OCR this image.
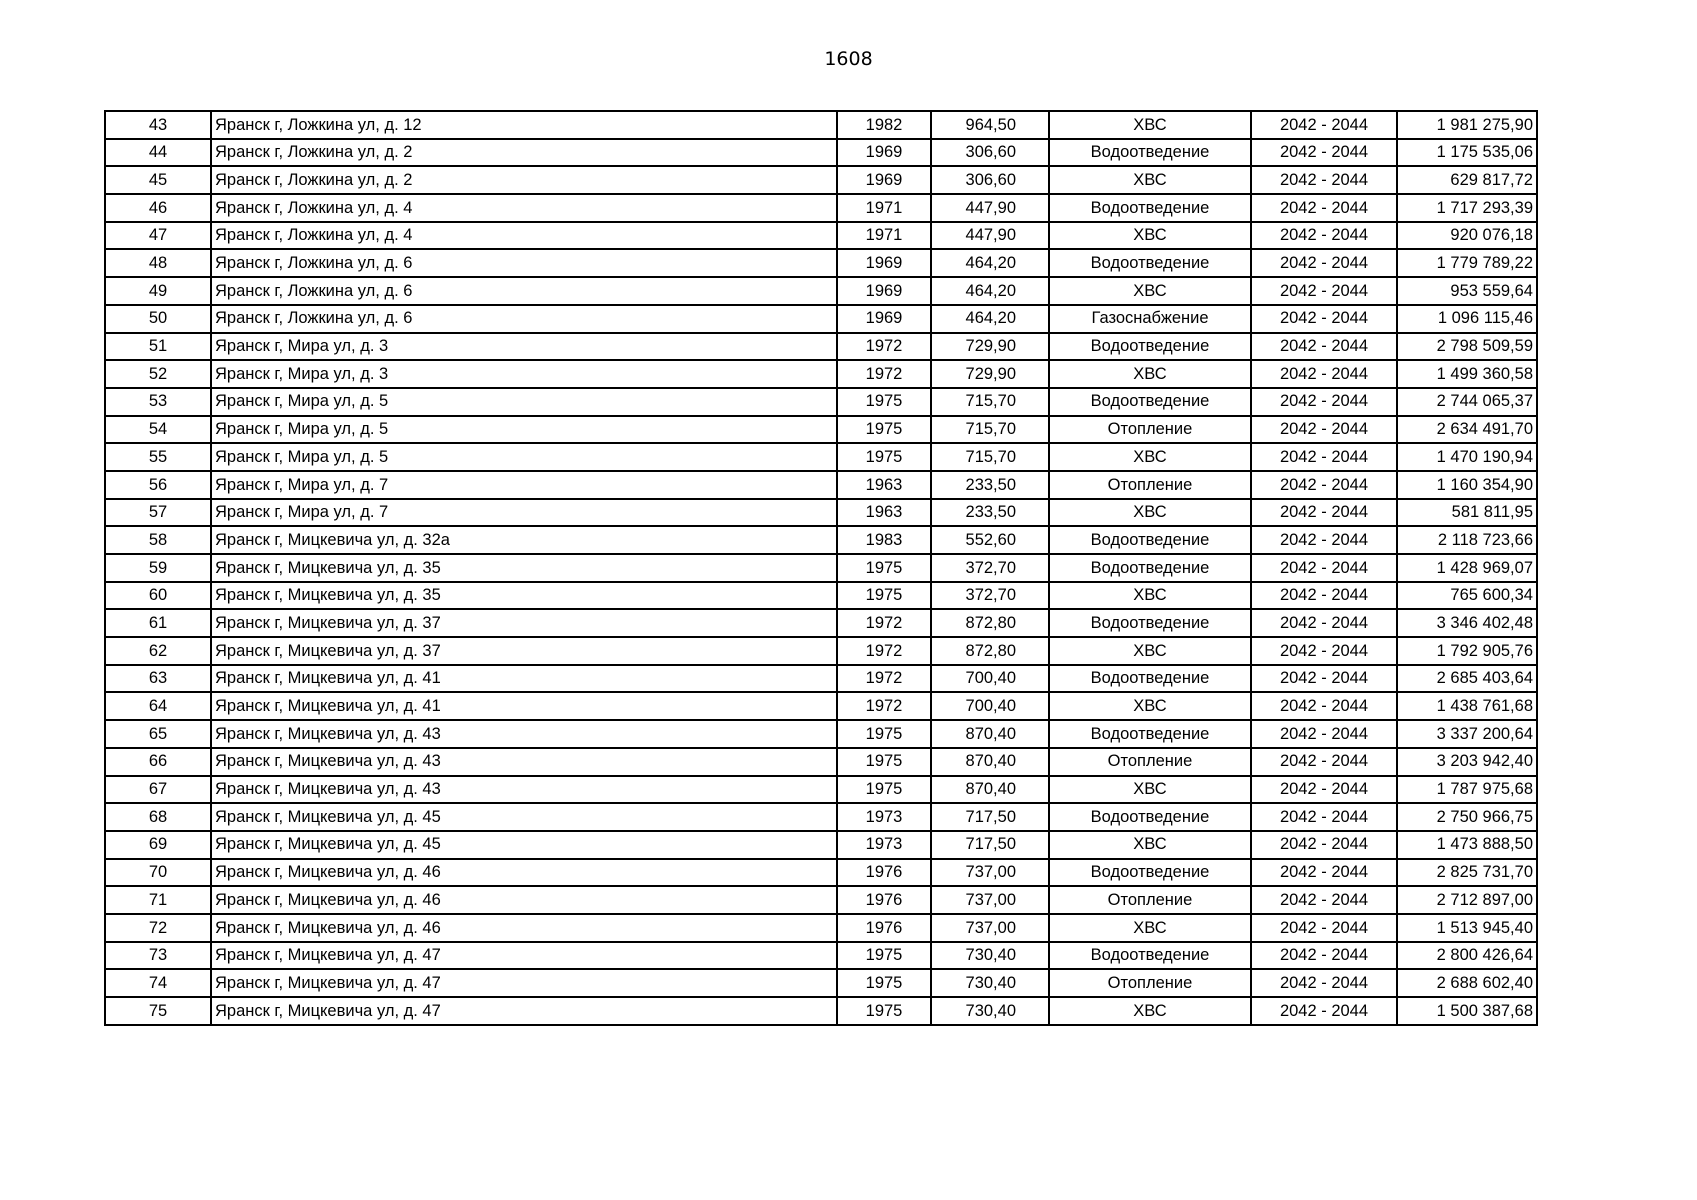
1608
43	Яранск г, Ложкина ул, д. 12	1982	964,50	ХВС	2042 - 2044	1 981 275,90
44	Яранск г, Ложкина ул, д. 2	1969	306,60	Водоотведение	2042 - 2044	1 175 535,06
45	Яранск г, Ложкина ул, д. 2	1969	306,60	ХВС	2042 - 2044	629 817,72
46	Яранск г, Ложкина ул, д. 4	1971	447,90	Водоотведение	2042 - 2044	1 717 293,39
47	Яранск г, Ложкина ул, д. 4	1971	447,90	ХВС	2042 - 2044	920 076,18
48	Яранск г, Ложкина ул, д. 6	1969	464,20	Водоотведение	2042 - 2044	1 779 789,22
49	Яранск г, Ложкина ул, д. 6	1969	464,20	ХВС	2042 - 2044	953 559,64
50	Яранск г, Ложкина ул, д. 6	1969	464,20	Газоснабжение	2042 - 2044	1 096 115,46
51	Яранск г, Мира ул, д. 3	1972	729,90	Водоотведение	2042 - 2044	2 798 509,59
52	Яранск г, Мира ул, д. 3	1972	729,90	ХВС	2042 - 2044	1 499 360,58
53	Яранск г, Мира ул, д. 5	1975	715,70	Водоотведение	2042 - 2044	2 744 065,37
54	Яранск г, Мира ул, д. 5	1975	715,70	Отопление	2042 - 2044	2 634 491,70
55	Яранск г, Мира ул, д. 5	1975	715,70	ХВС	2042 - 2044	1 470 190,94
56	Яранск г, Мира ул, д. 7	1963	233,50	Отопление	2042 - 2044	1 160 354,90
57	Яранск г, Мира ул, д. 7	1963	233,50	ХВС	2042 - 2044	581 811,95
58	Яранск г, Мицкевича ул, д. 32а	1983	552,60	Водоотведение	2042 - 2044	2 118 723,66
59	Яранск г, Мицкевича ул, д. 35	1975	372,70	Водоотведение	2042 - 2044	1 428 969,07
60	Яранск г, Мицкевича ул, д. 35	1975	372,70	ХВС	2042 - 2044	765 600,34
61	Яранск г, Мицкевича ул, д. 37	1972	872,80	Водоотведение	2042 - 2044	3 346 402,48
62	Яранск г, Мицкевича ул, д. 37	1972	872,80	ХВС	2042 - 2044	1 792 905,76
63	Яранск г, Мицкевича ул, д. 41	1972	700,40	Водоотведение	2042 - 2044	2 685 403,64
64	Яранск г, Мицкевича ул, д. 41	1972	700,40	ХВС	2042 - 2044	1 438 761,68
65	Яранск г, Мицкевича ул, д. 43	1975	870,40	Водоотведение	2042 - 2044	3 337 200,64
66	Яранск г, Мицкевича ул, д. 43	1975	870,40	Отопление	2042 - 2044	3 203 942,40
67	Яранск г, Мицкевича ул, д. 43	1975	870,40	ХВС	2042 - 2044	1 787 975,68
68	Яранск г, Мицкевича ул, д. 45	1973	717,50	Водоотведение	2042 - 2044	2 750 966,75
69	Яранск г, Мицкевича ул, д. 45	1973	717,50	ХВС	2042 - 2044	1 473 888,50
70	Яранск г, Мицкевича ул, д. 46	1976	737,00	Водоотведение	2042 - 2044	2 825 731,70
71	Яранск г, Мицкевича ул, д. 46	1976	737,00	Отопление	2042 - 2044	2 712 897,00
72	Яранск г, Мицкевича ул, д. 46	1976	737,00	ХВС	2042 - 2044	1 513 945,40
73	Яранск г, Мицкевича ул, д. 47	1975	730,40	Водоотведение	2042 - 2044	2 800 426,64
74	Яранск г, Мицкевича ул, д. 47	1975	730,40	Отопление	2042 - 2044	2 688 602,40
75	Яранск г, Мицкевича ул, д. 47	1975	730,40	ХВС	2042 - 2044	1 500 387,68
